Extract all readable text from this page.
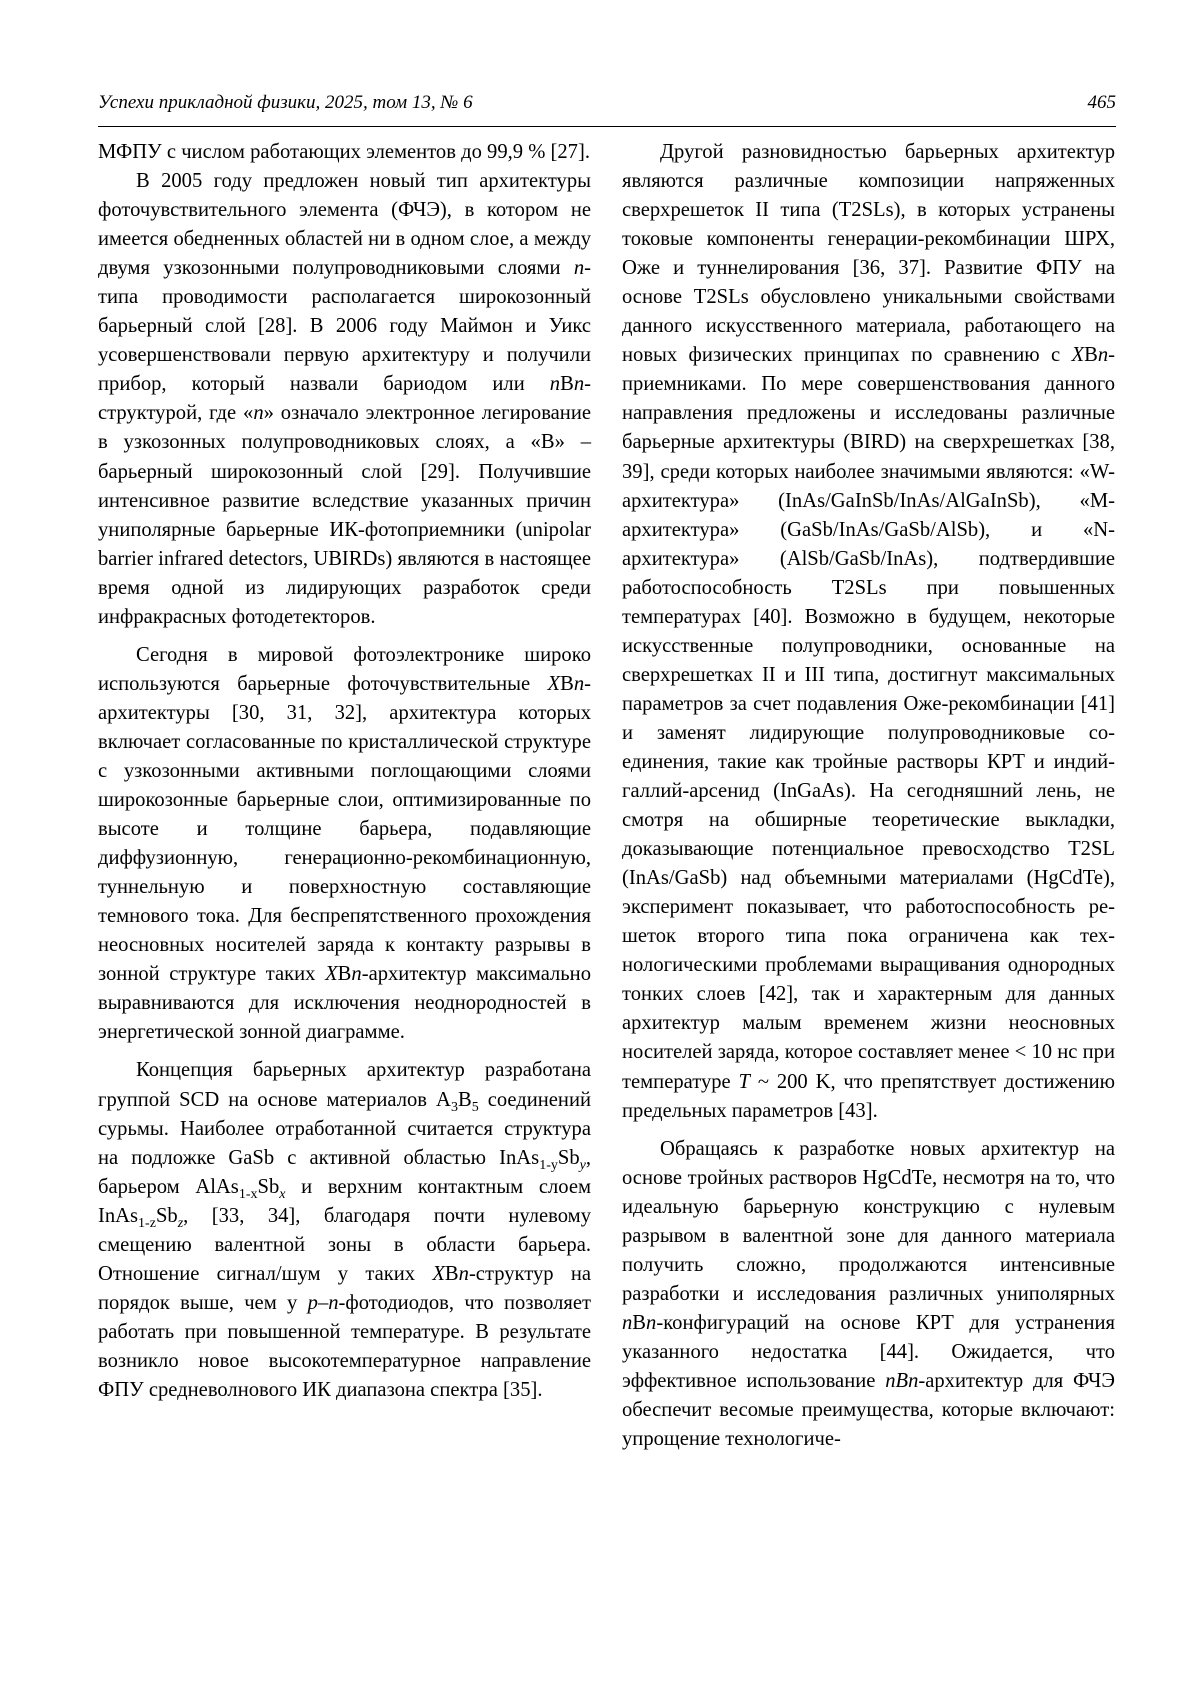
Успехи прикладной физики, 2025, том 13, № 6	465

МФПУ с числом работающих элементов до 99,9 % [27].

В 2005 году предложен новый тип архитектуры фоточувствительного элемента (ФЧЭ), в котором не имеется обедненных областей ни в одном слое, а между двумя узкозонными полупроводниковыми слоями n-типа проводимости располагается широкозонный барьерный слой [28]. В 2006 году Маймон и Уикс усовершенствовали первую архитектуру и получили прибор, который назвали бариодом или nBn-структурой, где «n» означало электронное легирование в узкозонных полупроводниковых слоях, а «B» – барьерный широкозонный слой [29]. Получившие интенсивное развитие вследствие указанных причин униполярные барьерные ИК-фотоприемники (unipolar barrier infrared detectors, UBIRDs) являются в настоящее время одной из лидирующих разработок среди инфракрасных фотодетекторов.

Сегодня в мировой фотоэлектронике широко используются барьерные фоточувствительные XBn-архитектуры [30, 31, 32], архитектура которых включает согласованные по кристаллической структуре с узкозонными активными поглощающими слоями широкозонные барьерные слои, оптимизированные по высоте и толщине барьера, подавляющие диффузионную, генерационно-рекомбинационную, туннельную и поверхностную составляющие темнового тока. Для беспрепятственного прохождения неосновных носителей заряда к контакту разрывы в зонной структуре таких XBn-архитектур максимально выравниваются для исключения неоднородностей в энергетической зонной диаграмме.

Концепция барьерных архитектур разработана группой SCD на основе материалов $A_3B_5$ соединений сурьмы. Наиболее отработанной считается структура на подложке GaSb с активной областью $InAs_{1-y}Sb_y$, барьером $AlAs_{1-x}Sb_x$ и верхним контактным слоем $InAs_{1-z}Sb_z$, [33, 34], благодаря почти нулевому смещению валентной зоны в области барьера. Отношение сигнал/шум у таких XBn-структур на порядок выше, чем у p–n-фотодиодов, что позволяет работать при повышенной температуре. В результате возникло новое высокотемпературное направление ФПУ средневолнового ИК диапазона спектра [35].

Другой разновидностью барьерных архитектур являются различные композиции напряженных сверхрешеток II типа (T2SLs), в которых устранены токовые компоненты генерации-рекомбинации ШРХ, Оже и туннелирования [36, 37]. Развитие ФПУ на основе T2SLs обусловлено уникальными свойствами данного искусственного материала, работающего на новых физических принципах по сравнению с XBn-приемниками. По мере совершенствования данного направления предложены и исследованы различные барьерные архитектуры (BIRD) на сверхрешетках [38, 39], среди которых наиболее значимыми являются: «W-архитектура» (InAs/GaInSb/InAs/AlGaInSb), «M-архитектура» (GaSb/InAs/GaSb/AlSb), и «N-архитектура» (AlSb/GaSb/InAs), подтвердившие работоспособность T2SLs при повышенных температурах [40]. Возможно в будущем, некоторые искусственные полупроводники, основанные на сверхрешетках II и III типа, достигнут максимальных параметров за счет подавления Оже-рекомбинации [41] и заменят лидирующие полупроводниковые соединения, такие как тройные растворы КРТ и индий-галлий-арсенид (InGaAs). На сегодняшний лень, не смотря на обширные теоретические выкладки, доказывающие потенциальное превосходство T2SL (InAs/GaSb) над объемными материалами (HgCdTe), эксперимент показывает, что работоспособность решеток второго типа пока ограничена как технологическими проблемами выращивания однородных тонких слоев [42], так и характерным для данных архитектур малым временем жизни неосновных носителей заряда, которое составляет менее < 10 нс при температуре T ~ 200 K, что препятствует достижению предельных параметров [43].

Обращаясь к разработке новых архитектур на основе тройных растворов HgCdTe, несмотря на то, что идеальную барьерную конструкцию с нулевым разрывом в валентной зоне для данного материала получить сложно, продолжаются интенсивные разработки и исследования различных униполярных nBn-конфигураций на основе КРТ для устранения указанного недостатка [44]. Ожидается, что эффективное использование nBn-архитектур для ФЧЭ обеспечит весомые преимущества, которые включают: упрощение технологиче-
